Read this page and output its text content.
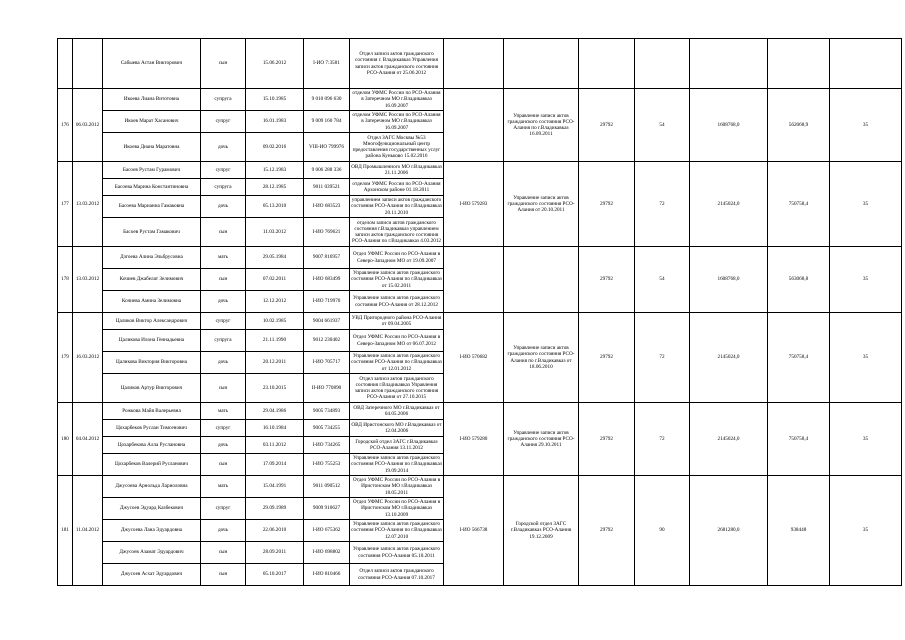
		Сабыева Астан Викторович	сын	15.06.2012	I-ИО 7:3581	Отдел записи актов гражданского состояния г. Владикавказ Управления записи актов гражданского состояния РСО-Алания от 25.06.2012							
176	06.03.2012	Икоева Лиана Витотовна	супруга	15.10.1985	9 010 096 630	отделом УФМС России по РСО-Алания в Затеречном МО г.Владикавказ 16.09.2007		Управление записи актов гражданского состояния РСО-Алания по г.Владикавказ 16.09.2011	29792	54	1608768,0	562068,9	35
		Икоев Марат Хасанович	супруг	16.01.1983	9 009 160 784	отделом УФМС России по РСО-Алания в Затеречном МО г.Владикавказ 16.09.2007							
		Икоева Диана Маратовна	дочь	09.02.2016	VIII-ИО 799976	Отдел ЗАГС Москвы №53 Многофункциональный центр предоставления государственных услуг района Куньково 15.02.2016							
177	13.03.2012	Басоев Рустам Гурамович	супруг	15.12.1983	9 006 288 336	ОВД Промышленного МО г.Владикавказ 21.11.2006	I-ИО 579283	Управление записи актов гражданского состояния РСО-Алания от 20.10.2011	29792	72	2145024,0	750758,4	35
		Басоева Марина Константиновна	супруга	28.12.1985	9011 039521	отделом УФМС России по РСО-Алания Архонском районе 01.18.2011							
		Басоева Марианна Гамаковна	дочь	05.13.2010	I-ИО 683523	управлением записи актов гражданского состояния РСО-Алания по г.Владикавказ 20.11.2010							
		Басоев Рустам Гамакович	сын	11.03.2012	I-ИО 769621	отделом записи актов гражданского состояния г.Владикавказ управлением записи актов гражданского состояния РСО-Алания по г.Владикавказ 4.03.2012							
178	13.03.2012	Дзгоева Алина Эльбрусовна	мать	29.05.1984	9007 816957	Отдел УФМС России по РСО-Алания в Северо-Западном МО от 19.09.2007			29792	54	1608768,0	563068,8	35
		Кочиев Джабелат Зелимович	сын	07.02.2011	I-ИО 683499	Управление записи актов гражданского состояния РСО-Алания по г.Владикавказ от 15.02.2011							
		Кочиева Амина Зелимовна	дочь	12.12.2012	I-ИО 719970	Управление записи актов гражданского состояния РСО-Алания от 28.12.2012							
179	16.03.2012	Цаликов Виктор Александрович	супруг	10.02.1985	9004 661937	УВД Пригородного района РСО-Алания от 09.04.2005	I-ИО 570682	Управление записи актов гражданского состояния РСО-Алания по г.Владикавказ от 18.06.2010	29792	72	2145024,0	750758,4	35
		Цаликова Илона Геннадьевна	супруга	21.11.1990	9012 230402	Отдел УФМС России по РСО-Алания в Северо-Западном МО от 06.07.2012							
		Цаликова Виктория Викторовна	дочь	20.12.2011	I-ИО 705717	Управление записи актов гражданского состояния РСО-Алания по г.Владикавказ от 12.01.2012							
		Цаликов Артур Викторович	сын	23.10.2015	II-ИО 770890	Отдел записи актов гражданского состояния г.Владикавказ Управления записи актов гражданского состояния РСО-Алания от 27.10.2015							
180	04.04.2012	Рожкова Майя Валерьевна	мать	29.04.1986	9005 734893	ОВД Затеречного МО г.Владикавказ от 04.05.2006	I-ИО 579280	Управление записи актов гражданского состояния РСО-Алания 29.10.2011	29792	72	2145024,0	750758,4	35
		Цохарбеков Руслан Тимсенович	супруг	16.10.1984	9005 734255	ОВД Иристонского МО г.Владикавказ от 12.04.2006							
		Цохарбекова Алла Руслановна	дочь	03.11.2012	I-ИО 734265	Городской отдел ЗАГС г.Владикавказ РСО-Алания 13.11.2012							
		Цохарбеков Валерий Русланович	сын	17.09.2014	I-ИО 755253	Управление записи актов гражданского состояния РСО-Алания по г.Владикавказ 19.09.2014							
181	11.04.2012	Джусоева Арнольда Лариоловна	мать	15.04.1991	9011 090512	Отдел УФМС России по РСО-Алания в Иристонском МО г.Владикавказ 18.05.2011	I-ИО 566738	Городской отдел ЗАГС г.Владикавказ РСО-Алания 19.12.2009	29792	90	2681280,0	938448	35
		Джусоев Эдуард Казбекович	супруг	29.09.1989	9009 910627	Отдел УФМС России по РСО-Алания в Иристонском МО г.Владикавказ 13.10.2009							
		Джусоева Лана Эдуардовна	дочь	22.06.2010	I-ИО 675362	Управление записи актов гражданского состояния РСО-Алания по г.Владикавказ 12.07.2010							
		Джусоев Азамат Эдуардович	сын	28.09.2011	I-ИО 698802	Управление записи актов гражданского состояния РСО-Алания 05.10.2011							
		Джусоев Асхат Эдуардович	сын	05.10.2017	I-ИО 810466	Отдел записи актов гражданского состояния РСО-Алания 07.10.2017							
